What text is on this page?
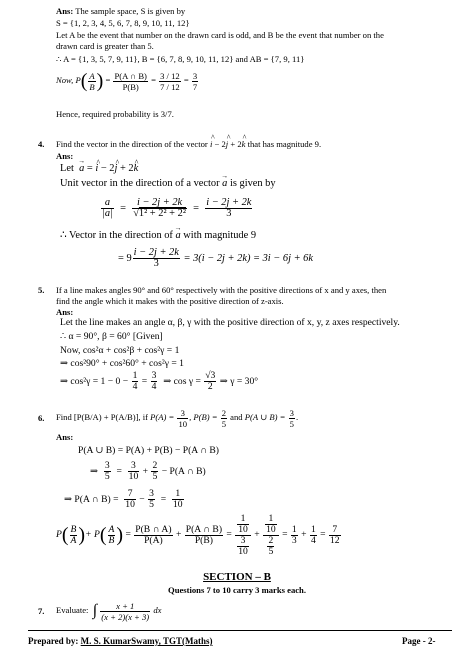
Ans: The sample space, S is given by
S = {1, 2, 3, 4, 5, 6, 7, 8, 9, 10, 11, 12}
Let A be the event that number on the drawn card is odd, and B be the event that number on the
drawn card is greater than 5.
∴ A = {1, 3, 5, 7, 9, 11}, B = {6, 7, 8, 9, 10, 11, 12} and AB = {7, 9, 11}
Now, $P( \frac{A}{B}$ ) = $\frac{P(A \cap B)}{P(B)} = \frac{3 / 12}{7 / 12} = \frac{3}{7}$
Hence, required probability is 3/7.
4. Find the vector in the direction of the vector ^ i − 2^ j + 2^ k that has magnitude 9.
Ans:
Let → a = ^ i − 2^ j + 2^ k
Unit vector in the direction of a vector → a is given by
$\frac{a}{|a|} = \frac{i - 2j + 2k}{\text{√1² + 2² + 2²}} = \frac{i - 2j + 2k}{3}$
∴ Vector in the direction of → a with magnitude 9
= $9 \frac{i - 2j + 2k}{3} = 3(i - 2j + 2k) = 3i - 6j + 6k$
5. If a line makes angles 90° and 60° respectively with the positive directions of x and y axes, then
find the angle which it makes with the positive direction of z-axis.
Ans:
Let the line makes an angle α, β, γ with the positive direction of x, y, z axes respectively.
∴ α = 90°, β = 60° [Given]
Now, cos²α + cos²β + cos²γ = 1
⇒ cos²90° + cos²60° + cos²γ = 1
⇒ $\cos^2\gamma = 1 - 0 - \frac{1}{4} = \frac{3}{4}$ ⇒ $\cos \gamma = \frac{√3}{2}$ ⇒ γ = 30°
6. Find [P(B/A) + P(A/B)], if $P(A) = \frac{3}{10}$ , $P(B) = \frac{2}{5}$ and P(A ∪ $B) = \frac{3}{5}$ .
Ans:
P(A ∪ B) = P(A) + P(B) − P(A ∩ B)
⇒ $\frac{3}{5} = \frac{3}{10} + \frac{2}{5} - P(A$ ∩ B)
⇒ P(A ∩ $B) = \frac{7}{10} - \frac{3}{5} = \frac{1}{10}$
$P( \frac{B}{A}$ )+ $P( \frac{A}{B}$ ) = $\frac{P(B \cap A)}{P(A)} + \frac{P(A \cap B)}{P(B)} = \frac{\frac{1}{10}}{\frac{3}{10}} + \frac{\frac{1}{10}}{\frac{2}{5}} = \frac{1}{3} + \frac{1}{4} = \frac{7}{12}$
SECTION – B
Questions 7 to 10 carry 3 marks each.
7. Evaluate: ∫ $\frac{x + 1}{(x + 2)(x + 3)}$ dx
Prepared by: M. S. KumarSwamy, TGT(Maths)	Page - 2-
